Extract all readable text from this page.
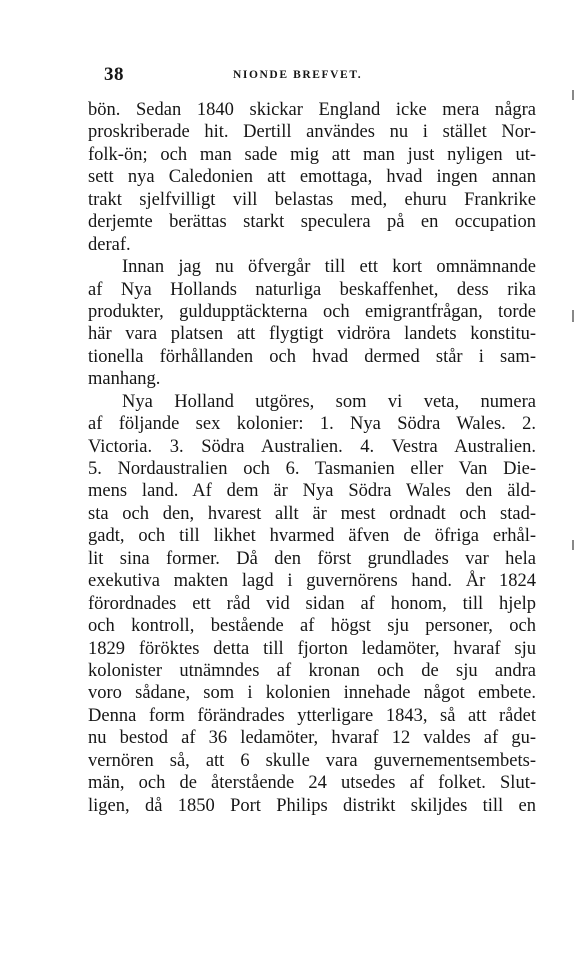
38	NIONDE BREFVET.
bön. Sedan 1840 skickar England icke mera några
proskriberade hit. Dertill användes nu i stället Nor-
folk-ön; och man sade mig att man just nyligen ut-
sett nya Caledonien att emottaga, hvad ingen annan
trakt sjelfvilligt vill belastas med, ehuru Frankrike
derjemte berättas starkt speculera på en occupation
deraf.
Innan jag nu öfvergår till ett kort omnämnande
af Nya Hollands naturliga beskaffenhet, dess rika
produkter, guldupptäckterna och emigrantfrågan, torde
här vara platsen att flygtigt vidröra landets konstitu-
tionella förhållanden och hvad dermed står i sam-
manhang.
Nya Holland utgöres, som vi veta, numera
af följande sex kolonier: 1. Nya Södra Wales. 2.
Victoria. 3. Södra Australien. 4. Vestra Australien.
5. Nordaustralien och 6. Tasmanien eller Van Die-
mens land. Af dem är Nya Södra Wales den äld-
sta och den, hvarest allt är mest ordnadt och stad-
gadt, och till likhet hvarmed äfven de öfriga erhål-
lit sina former. Då den först grundlades var hela
exekutiva makten lagd i guvernörens hand. År 1824
förordnades ett råd vid sidan af honom, till hjelp
och kontroll, bestående af högst sju personer, och
1829 föröktes detta till fjorton ledamöter, hvaraf sju
kolonister utnämndes af kronan och de sju andra
voro sådane, som i kolonien innehade något embete.
Denna form förändrades ytterligare 1843, så att rådet
nu bestod af 36 ledamöter, hvaraf 12 valdes af gu-
vernören så, att 6 skulle vara guvernementsembets-
män, och de återstående 24 utsedes af folket. Slut-
ligen, då 1850 Port Philips distrikt skiljdes till en
